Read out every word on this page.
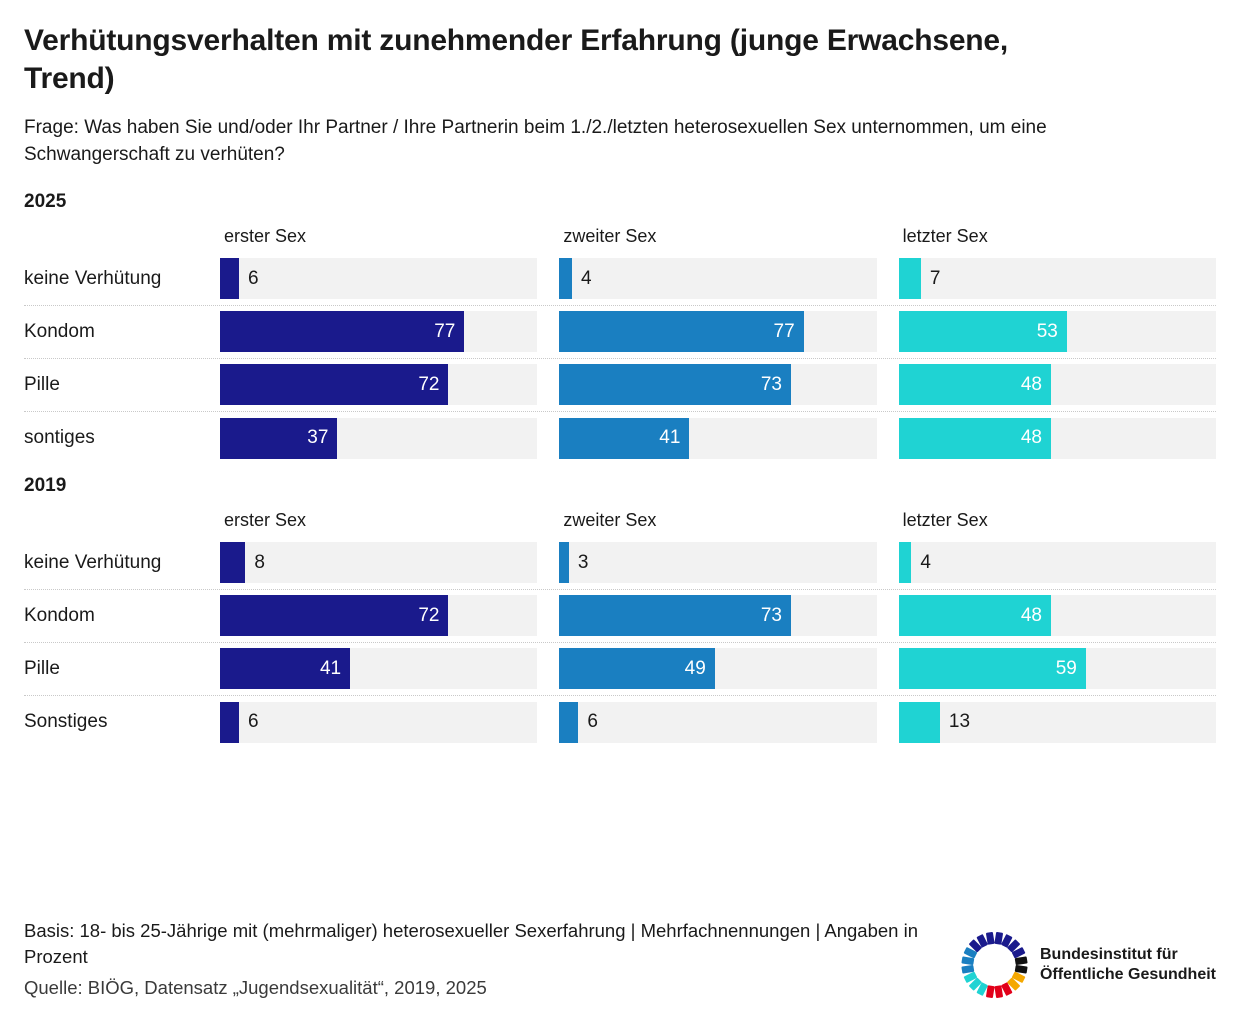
Verhütungsverhalten mit zunehmender Erfahrung (junge Erwachsene, Trend)

Frage: Was haben Sie und/oder Ihr Partner / Ihre Partnerin beim 1./2./letzten heterosexuellen Sex unternommen, um eine Schwangerschaft zu verhüten?

2025
erster Sex	zweiter Sex	letzter Sex
keine Verhütung	6	4	7
Kondom	77	77	53
Pille	72	73	48
sontiges	37	41	48
2019
erster Sex	zweiter Sex	letzter Sex
keine Verhütung	8	3	4
Kondom	72	73	48
Pille	41	49	59
Sonstiges	6	6	13
Basis: 18- bis 25-Jährige mit (mehrmaliger) heterosexueller Sexerfahrung | Mehrfachnennungen | Angaben in Prozent
Quelle: BIÖG, Datensatz „Jugendsexualität“, 2019, 2025
Bundesinstitut für
Öffentliche Gesundheit
